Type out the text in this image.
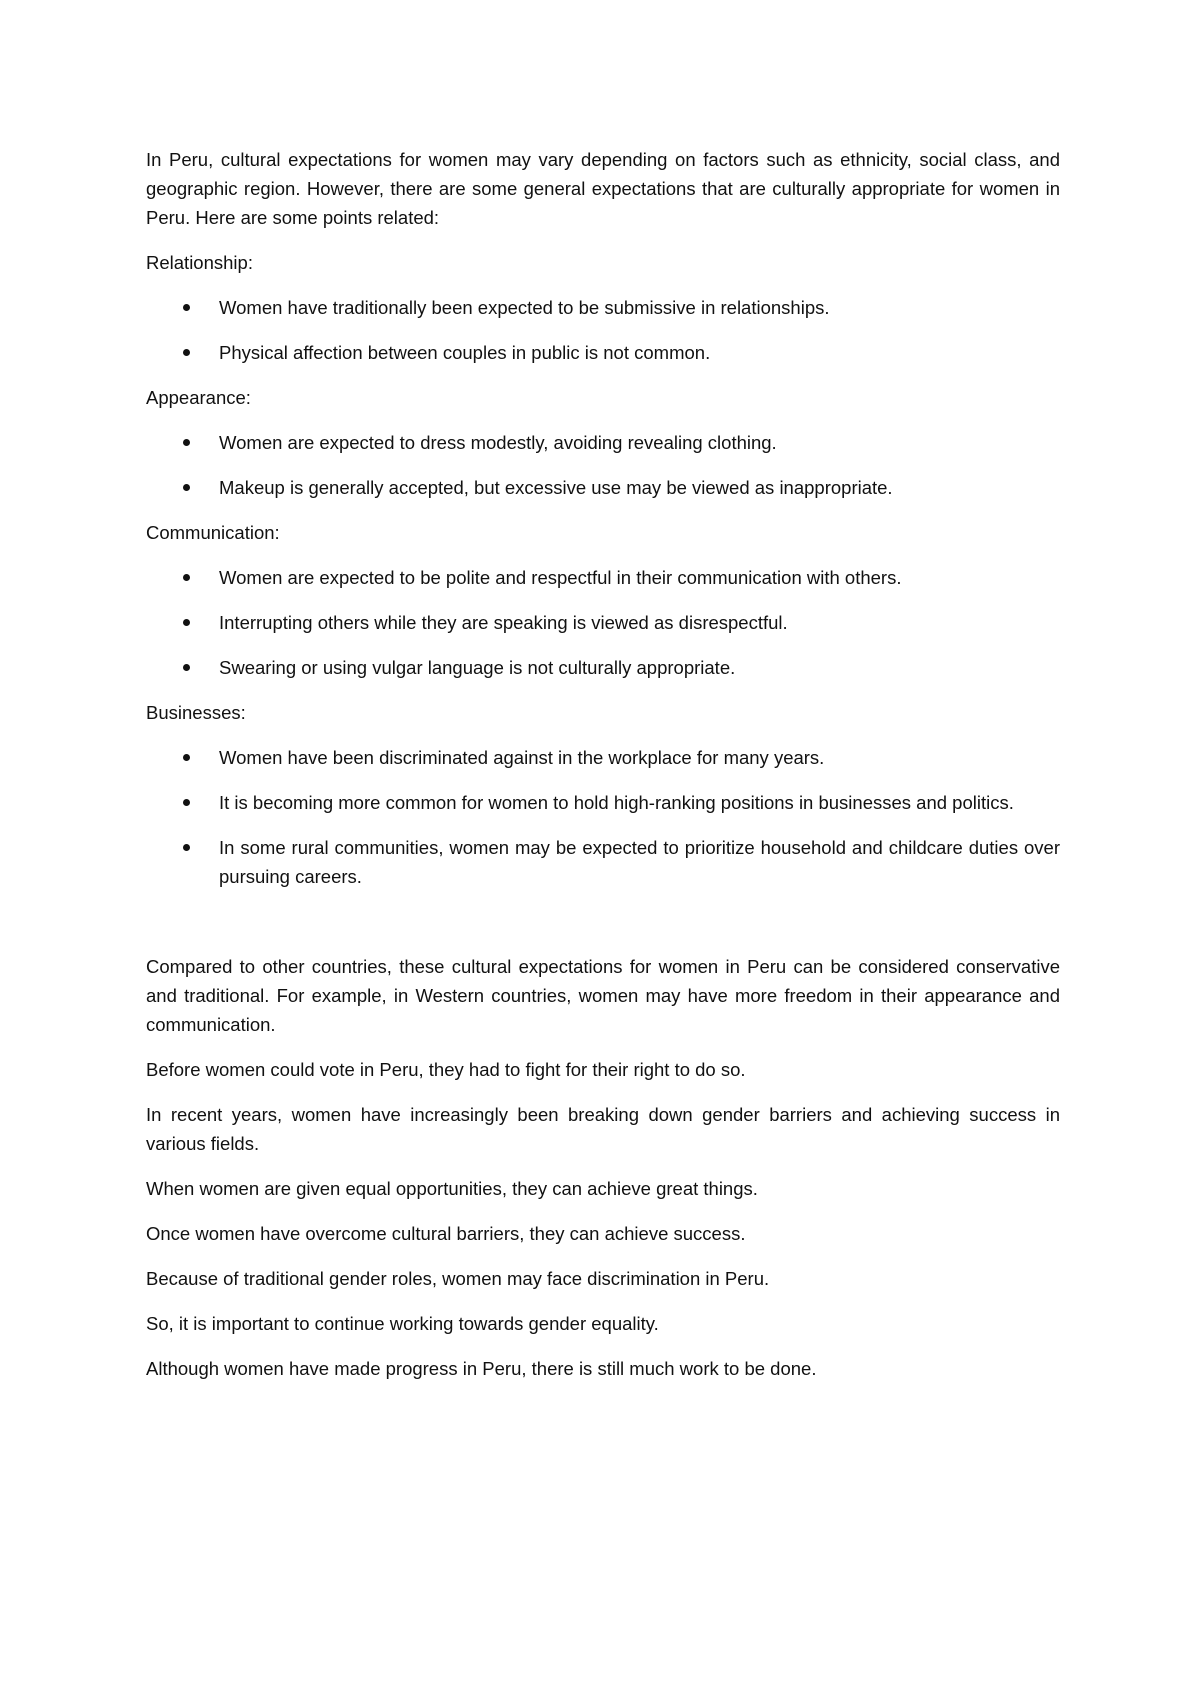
In Peru, cultural expectations for women may vary depending on factors such as ethnicity, social class, and geographic region. However, there are some general expectations that are culturally appropriate for women in Peru. Here are some points related:

Relationship:

Women have traditionally been expected to be submissive in relationships.
Physical affection between couples in public is not common.

Appearance:

Women are expected to dress modestly, avoiding revealing clothing.
Makeup is generally accepted, but excessive use may be viewed as inappropriate.

Communication:

Women are expected to be polite and respectful in their communication with others.
Interrupting others while they are speaking is viewed as disrespectful.
Swearing or using vulgar language is not culturally appropriate.

Businesses:

Women have been discriminated against in the workplace for many years.
It is becoming more common for women to hold high-ranking positions in businesses and politics.
In some rural communities, women may be expected to prioritize household and childcare duties over pursuing careers.

Compared to other countries, these cultural expectations for women in Peru can be considered conservative and traditional. For example, in Western countries, women may have more freedom in their appearance and communication.

Before women could vote in Peru, they had to fight for their right to do so.

In recent years, women have increasingly been breaking down gender barriers and achieving success in various fields.

When women are given equal opportunities, they can achieve great things.

Once women have overcome cultural barriers, they can achieve success.

Because of traditional gender roles, women may face discrimination in Peru.

So, it is important to continue working towards gender equality.

Although women have made progress in Peru, there is still much work to be done.
